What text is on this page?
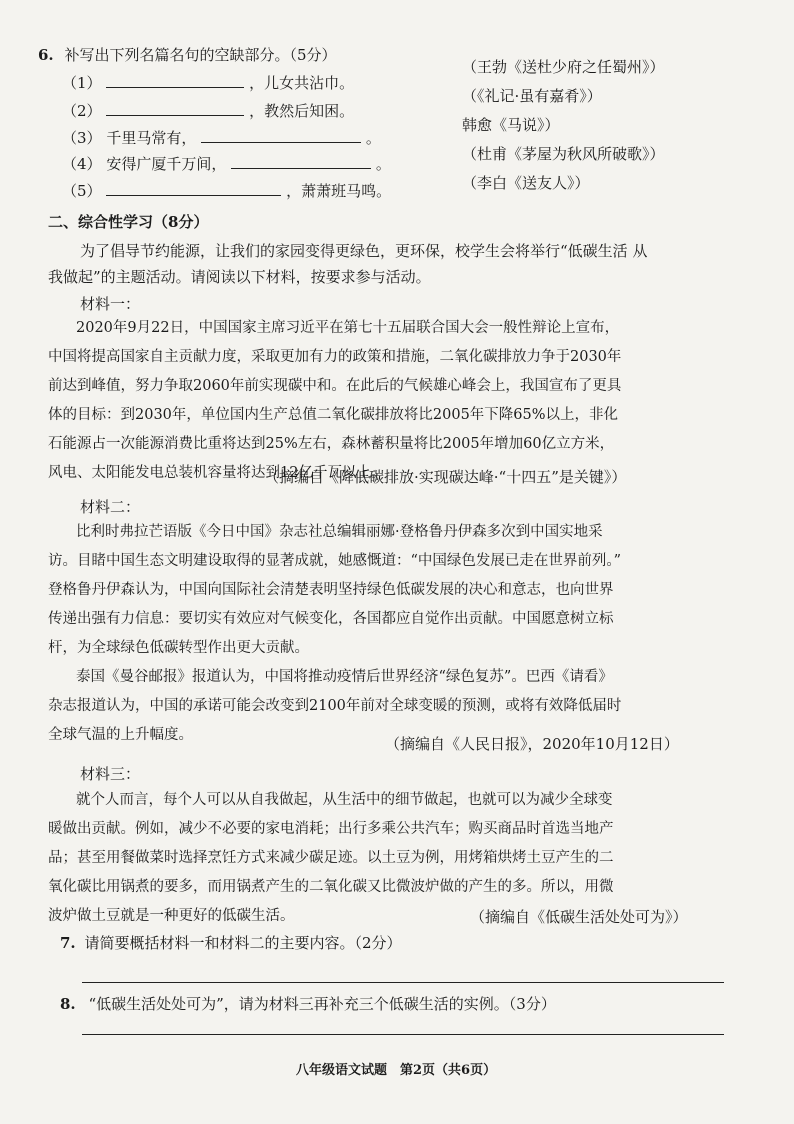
6. 补写出下列名篇名句的空缺部分。（5分）
（1）	，儿女共沾巾。
（2）	，教然后知困。
（3） 千里马常有，	。
（4） 安得广厦千万间，	。
（5）	，萧萧班马鸣。
（王勃《送杜少府之任蜀州》）
（《礼记·虽有嘉肴》）
韩愈《马说》）
（杜甫《茅屋为秋风所破歌》）
（李白《送友人》）
二、综合性学习（8分）
为了倡导节约能源，让我们的家园变得更绿色，更环保，校学生会将举行“低碳生活 从
我做起”的主题活动。请阅读以下材料，按要求参与活动。
材料一：

2020年9月22日，中国国家主席习近平在第七十五届联合国大会一般性辩论上宣布，

中国将提高国家自主贡献力度，采取更加有力的政策和措施，二氧化碳排放力争于2030年

前达到峰值，努力争取2060年前实现碳中和。在此后的气候雄心峰会上，我国宣布了更具

体的目标：到2030年，单位国内生产总值二氧化碳排放将比2005年下降65%以上，非化

石能源占一次能源消费比重将达到25%左右，森林蓄积量将比2005年增加60亿立方米，

风电、太阳能发电总装机容量将达到12亿千瓦以上。

（摘编自《降低碳排放·实现碳达峰·“十四五”是关键》）
材料二：

比利时弗拉芒语版《今日中国》杂志社总编辑丽娜·登格鲁丹伊森多次到中国实地采

访。目睹中国生态文明建设取得的显著成就，她感慨道：“中国绿色发展已走在世界前列。”

登格鲁丹伊森认为，中国向国际社会清楚表明坚持绿色低碳发展的决心和意志，也向世界

传递出强有力信息：要切实有效应对气候变化，各国都应自觉作出贡献。中国愿意树立标

杆，为全球绿色低碳转型作出更大贡献。

泰国《曼谷邮报》报道认为，中国将推动疫情后世界经济“绿色复苏”。巴西《请看》

杂志报道认为，中国的承诺可能会改变到2100年前对全球变暖的预测，或将有效降低届时

全球气温的上升幅度。	（摘编自《人民日报》，2020年10月12日）
材料三：

就个人而言，每个人可以从自我做起，从生活中的细节做起，也就可以为减少全球变

暖做出贡献。例如，减少不必要的家电消耗；出行多乘公共汽车；购买商品时首选当地产

品；甚至用餐做菜时选择烹饪方式来减少碳足迹。以土豆为例，用烤箱烘烤土豆产生的二

氧化碳比用锅煮的要多，而用锅煮产生的二氧化碳又比微波炉做的产生的多。所以，用微

波炉做土豆就是一种更好的低碳生活。	（摘编自《低碳生活处处可为》）
7. 请简要概括材料一和材料二的主要内容。（2分）
8. “低碳生活处处可为”，请为材料三再补充三个低碳生活的实例。（3分）
八年级语文试题　第2页（共6页）
